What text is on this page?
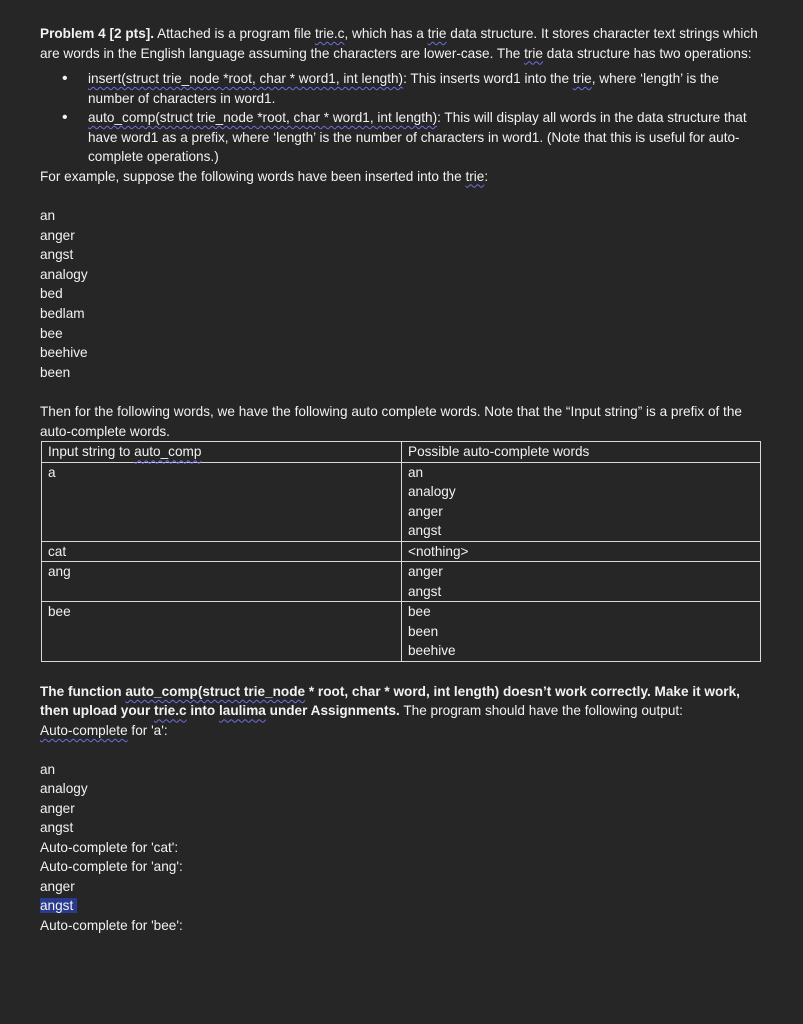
Problem 4 [2 pts]. Attached is a program file trie.c, which has a trie data structure. It stores character text strings which are words in the English language assuming the characters are lower-case. The trie data structure has two operations:

• insert(struct trie_node *root, char * word1, int length): This inserts word1 into the trie, where ‘length’ is the number of characters in word1.
• auto_comp(struct trie_node *root, char * word1, int length): This will display all words in the data structure that have word1 as a prefix, where ‘length’ is the number of characters in word1. (Note that this is useful for auto-complete operations.)

For example, suppose the following words have been inserted into the trie:

an
anger
angst
analogy
bed
bedlam
bee
beehive
been

Then for the following words, we have the following auto complete words. Note that the “Input string” is a prefix of the auto-complete words.

Input string to auto_comp	Possible auto-complete words
a	an
analogy
anger
angst

cat	<nothing>

ang	anger
angst

bee	bee
been
beehive

The function auto_comp(struct trie_node * root, char * word, int length) doesn’t work correctly. Make it work, then upload your trie.c into laulima under Assignments. The program should have the following output:

Auto-complete for 'a':

an
analogy
anger
angst
Auto-complete for 'cat':
Auto-complete for 'ang':
anger
angst
Auto-complete for 'bee':
